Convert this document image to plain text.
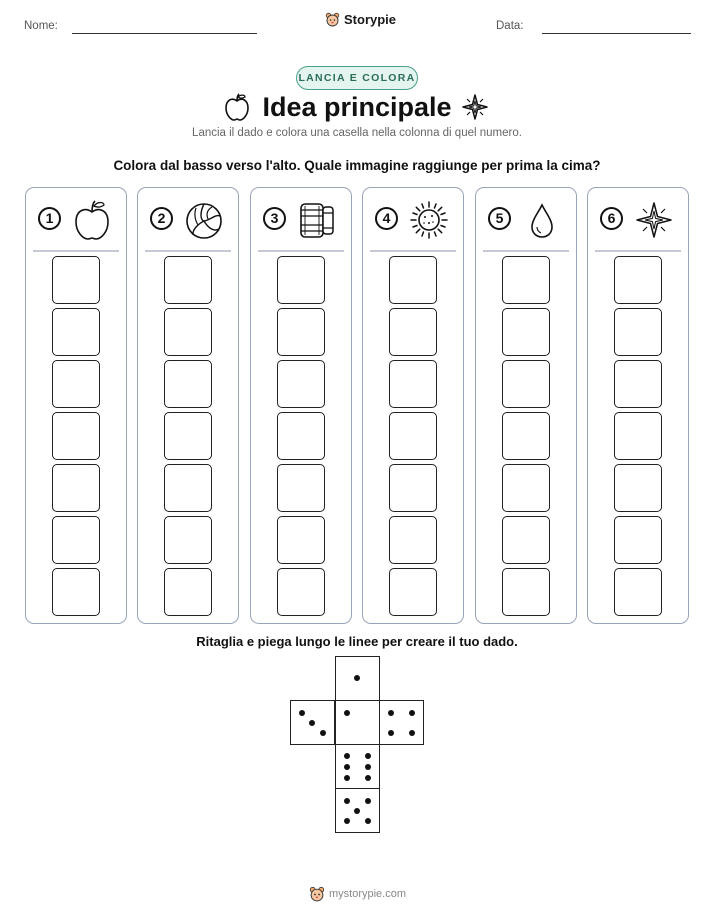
Nome:	Storypie	Data:
LANCIA E COLORA
Idea principale
Lancia il dado e colora una casella nella colonna di quel numero.
Colora dal basso verso l'alto. Quale immagine raggiunge per prima la cima?
1	2	3	4	5	6
Ritaglia e piega lungo le linee per creare il tuo dado.
mystorypie.com
